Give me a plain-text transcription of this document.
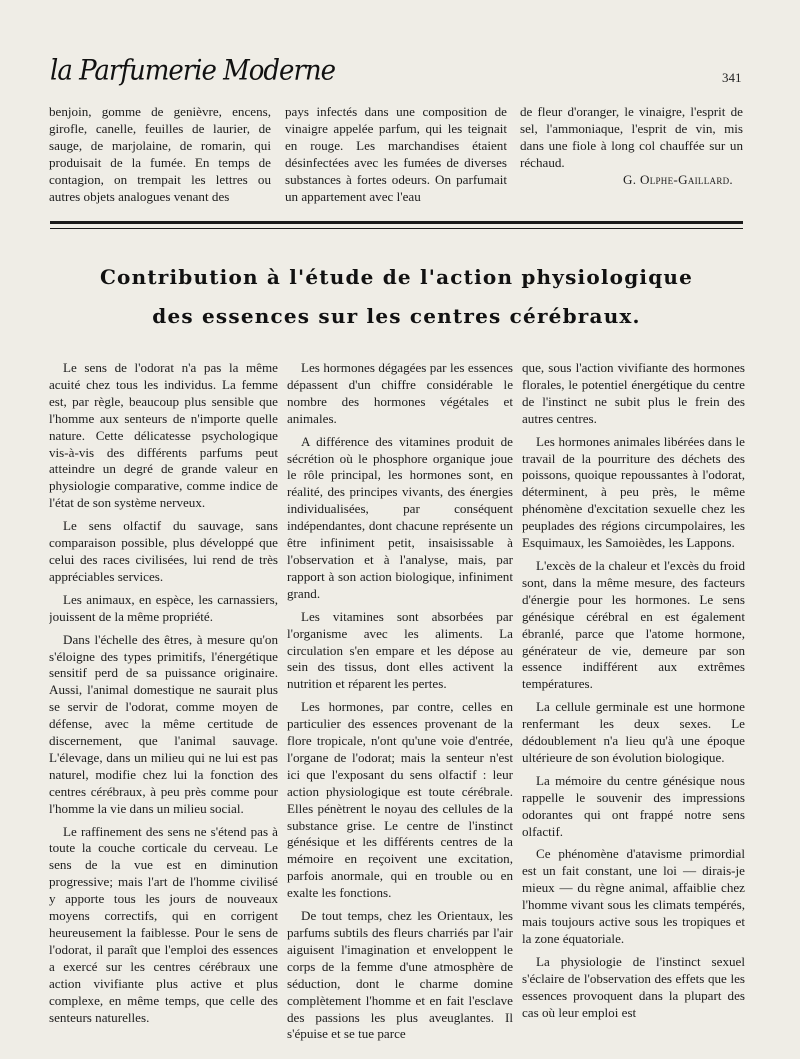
la Parfumerie Moderne	341

benjoin, gomme de genièvre, encens, girofle, canelle, feuilles de laurier, de sauge, de marjolaine, de romarin, qui produisait de la fumée. En temps de contagion, on trempait les lettres ou autres objets analogues venant des

pays infectés dans une composition de vinaigre appelée parfum, qui les teignait en rouge. Les marchandises étaient désinfectées avec les fumées de diverses substances à fortes odeurs. On parfumait un appartement avec l'eau

de fleur d'oranger, le vinaigre, l'esprit de sel, l'ammoniaque, l'esprit de vin, mis dans une fiole à long col chauffée sur un réchaud.

G. Olphe-Gaillard.

Contribution à l'étude de l'action physiologique
des essences sur les centres cérébraux.

Le sens de l'odorat n'a pas la même acuité chez tous les individus. La femme est, par règle, beaucoup plus sensible que l'homme aux senteurs de n'importe quelle nature. Cette délicatesse psychologique vis-à-vis des différents parfums peut atteindre un degré de grande valeur en physiologie comparative, comme indice de l'état de son système nerveux.

Le sens olfactif du sauvage, sans comparaison possible, plus développé que celui des races civilisées, lui rend de très appréciables services.

Les animaux, en espèce, les carnassiers, jouissent de la même propriété.

Dans l'échelle des êtres, à mesure qu'on s'éloigne des types primitifs, l'énergétique sensitif perd de sa puissance originaire. Aussi, l'animal domestique ne saurait plus se servir de l'odorat, comme moyen de défense, avec la même certitude de discernement, que l'animal sauvage. L'élevage, dans un milieu qui ne lui est pas naturel, modifie chez lui la fonction des centres cérébraux, à peu près comme pour l'homme la vie dans un milieu social.

Le raffinement des sens ne s'étend pas à toute la couche corticale du cerveau. Le sens de la vue est en diminution progressive; mais l'art de l'homme civilisé y apporte tous les jours de nouveaux moyens correctifs, qui en corrigent heureusement la faiblesse. Pour le sens de l'odorat, il paraît que l'emploi des essences a exercé sur les centres cérébraux une action vivifiante plus active et plus complexe, en même temps, que celle des senteurs naturelles.

Les hormones dégagées par les essences dépassent d'un chiffre considérable le nombre des hormones végétales et animales.

A différence des vitamines produit de sécrétion où le phosphore organique joue le rôle principal, les hormones sont, en réalité, des principes vivants, des énergies individualisées, par conséquent indépendantes, dont chacune représente un être infiniment petit, insaisissable à l'observation et à l'analyse, mais, par rapport à son action biologique, infiniment grand.

Les vitamines sont absorbées par l'organisme avec les aliments. La circulation s'en empare et les dépose au sein des tissus, dont elles activent la nutrition et réparent les pertes.

Les hormones, par contre, celles en particulier des essences provenant de la flore tropicale, n'ont qu'une voie d'entrée, l'organe de l'odorat; mais la senteur n'est ici que l'exposant du sens olfactif : leur action physiologique est toute cérébrale. Elles pénètrent le noyau des cellules de la substance grise. Le centre de l'instinct génésique et les différents centres de la mémoire en reçoivent une excitation, parfois anormale, qui en trouble ou en exalte les fonctions.

De tout temps, chez les Orientaux, les parfums subtils des fleurs charriés par l'air aiguisent l'imagination et enveloppent le corps de la femme d'une atmosphère de séduction, dont le charme domine complètement l'homme et en fait l'esclave des passions les plus aveuglantes. Il s'épuise et se tue parce

que, sous l'action vivifiante des hormones florales, le potentiel énergétique du centre de l'instinct ne subit plus le frein des autres centres.

Les hormones animales libérées dans le travail de la pourriture des déchets des poissons, quoique repoussantes à l'odorat, déterminent, à peu près, le même phénomène d'excitation sexuelle chez les peuplades des régions circumpolaires, les Esquimaux, les Samoièdes, les Lappons.

L'excès de la chaleur et l'excès du froid sont, dans la même mesure, des facteurs d'énergie pour les hormones. Le sens génésique cérébral en est également ébranlé, parce que l'atome hormone, générateur de vie, demeure par son essence indifférent aux extrêmes températures.

La cellule germinale est une hormone renfermant les deux sexes. Le dédoublement n'a lieu qu'à une époque ultérieure de son évolution biologique.

La mémoire du centre génésique nous rappelle le souvenir des impressions odorantes qui ont frappé notre sens olfactif.

Ce phénomène d'atavisme primordial est un fait constant, une loi — dirais-je mieux — du règne animal, affaiblie chez l'homme vivant sous les climats tempérés, mais toujours active sous les tropiques et la zone équatoriale.

La physiologie de l'instinct sexuel s'éclaire de l'observation des effets que les essences provoquent dans la plupart des cas où leur emploi est
